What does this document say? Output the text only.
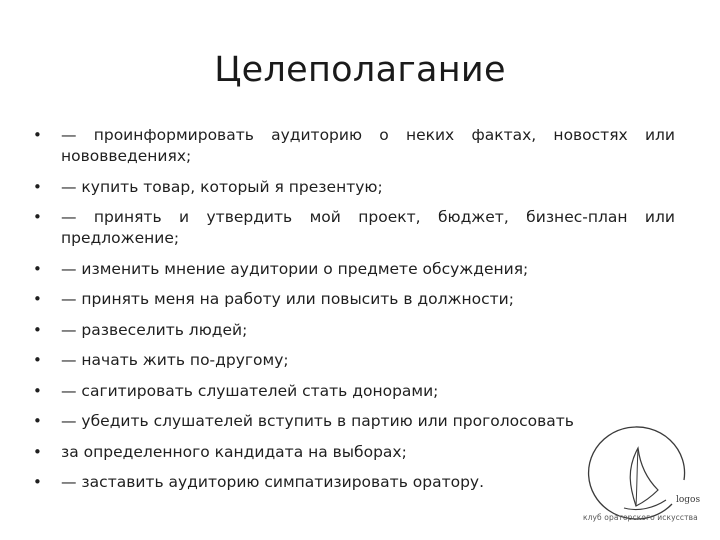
Целеполагание
•	— проинформировать аудиторию о неких фактах, новостях или нововведениях;
•	— купить товар, который я презентую;
•	— принять и утвердить мой проект, бюджет, бизнес-план или предложение;
•	— изменить мнение аудитории о предмете обсуждения;
•	— принять меня на работу или повысить в должности;
•	— развеселить людей;
•	— начать жить по-другому;
•	— сагитировать слушателей стать донорами;
•	— убедить слушателей вступить в партию или проголосовать
•	за определенного кандидата на выборах;
•	— заставить аудиторию симпатизировать оратору.
logos
клуб ораторского искусства
